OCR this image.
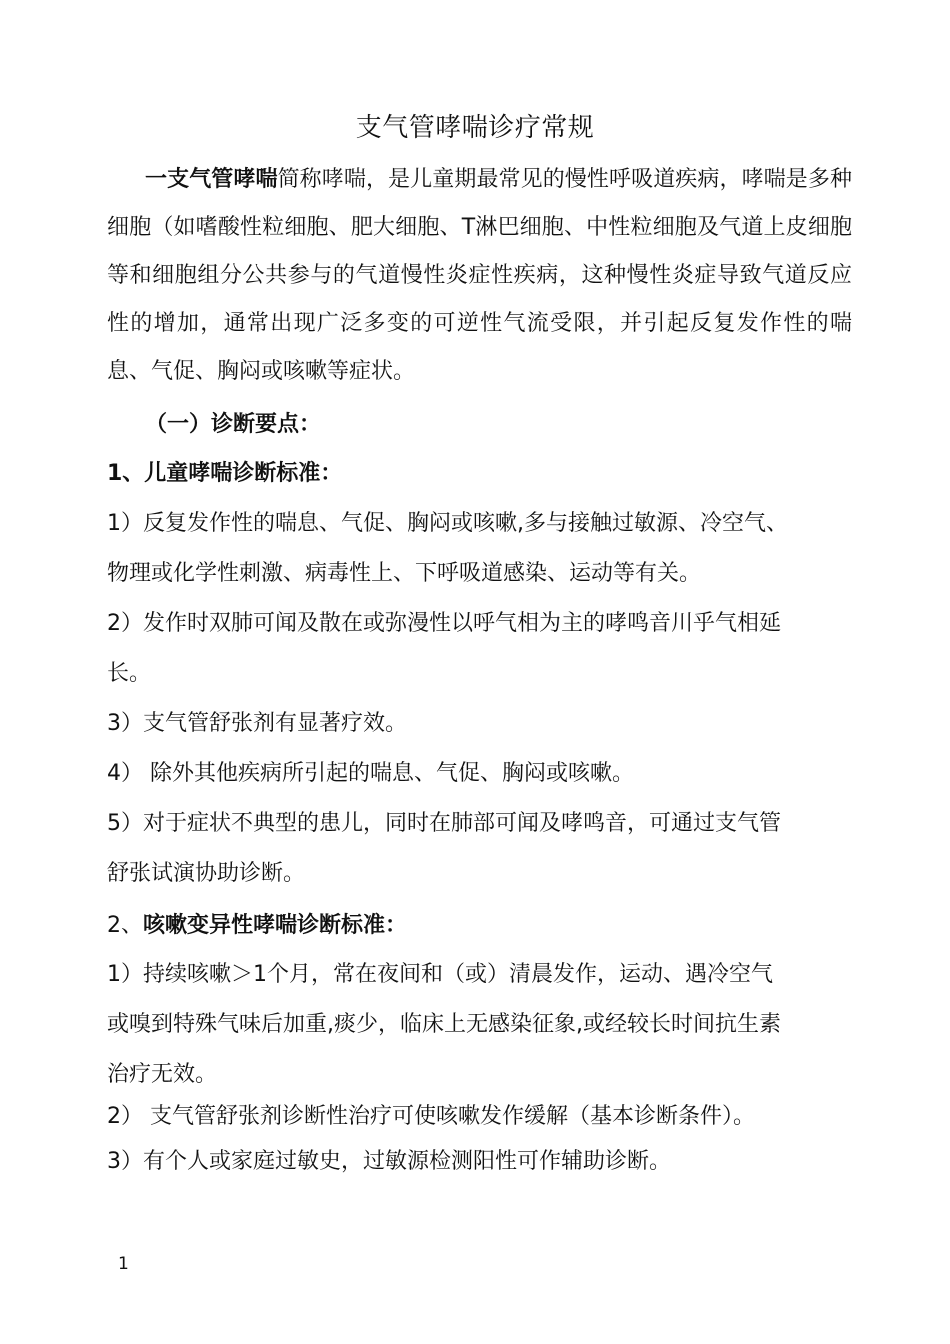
支气管哮喘诊疗常规
一支气管哮喘简称哮喘，是儿童期最常见的慢性呼吸道疾病，哮喘是多种细胞（如嗜酸性粒细胞、肥大细胞、T淋巴细胞、中性粒细胞及气道上皮细胞等和细胞组分公共参与的气道慢性炎症性疾病，这种慢性炎症导致气道反应性的增加，通常出现广泛多变的可逆性气流受限，并引起反复发作性的喘息、气促、胸闷或咳嗽等症状。
（一）诊断要点：
1、儿童哮喘诊断标准：
1）反复发作性的喘息、气促、胸闷或咳嗽,多与接触过敏源、冷空气、
物理或化学性刺激、病毒性上、下呼吸道感染、运动等有关。
2）发作时双肺可闻及散在或弥漫性以呼气相为主的哮鸣音川乎气相延
长。
3）支气管舒张剂有显著疗效。
4） 除外其他疾病所引起的喘息、气促、胸闷或咳嗽。
5）对于症状不典型的患儿，同时在肺部可闻及哮鸣音，可通过支气管
舒张试演协助诊断。
2、咳嗽变异性哮喘诊断标准：
1）持续咳嗽＞1个月，常在夜间和（或）清晨发作，运动、遇冷空气
或嗅到特殊气味后加重,痰少，临床上无感染征象,或经较长时间抗生素
治疗无效。
2） 支气管舒张剂诊断性治疗可使咳嗽发作缓解（基本诊断条件）。
3）有个人或家庭过敏史，过敏源检测阳性可作辅助诊断。
1
